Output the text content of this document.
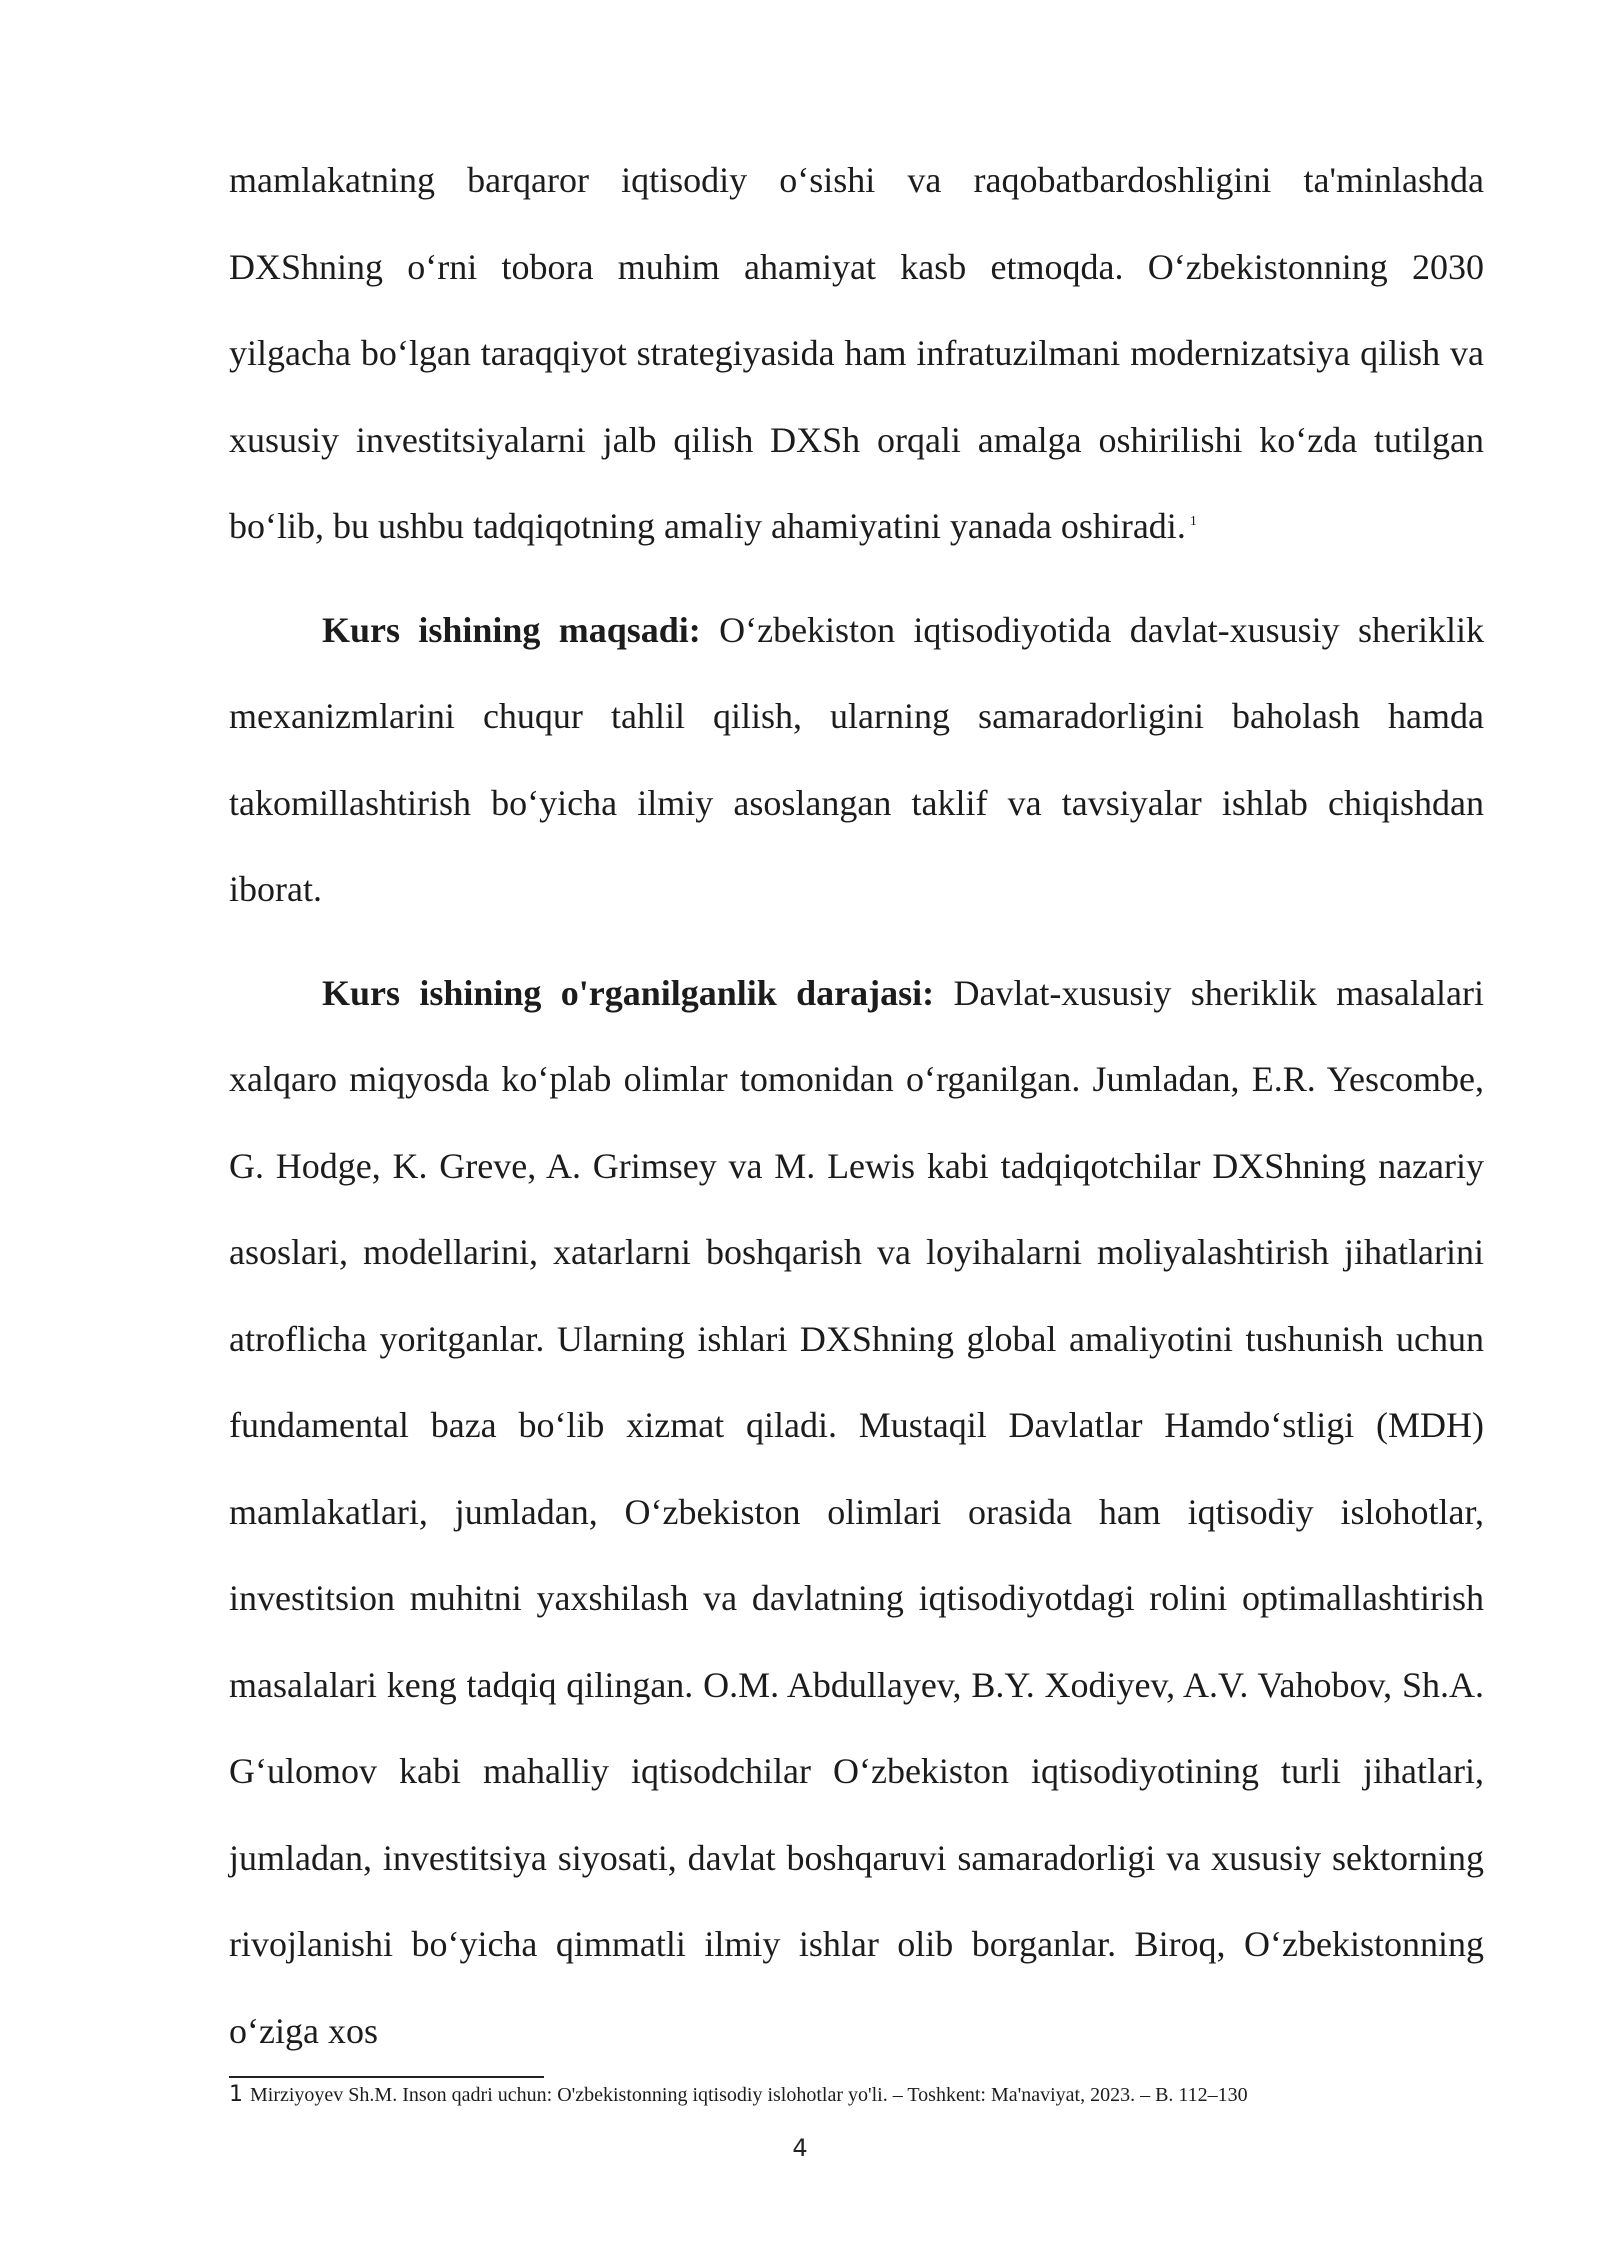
mamlakatning barqaror iqtisodiy o‘sishi va raqobatbardoshligini ta'minlashda DXShning o‘rni tobora muhim ahamiyat kasb etmoqda. O‘zbekistonning 2030 yilgacha bo‘lgan taraqqiyot strategiyasida ham infratuzilmani modernizatsiya qilish va xususiy investitsiyalarni jalb qilish DXSh orqali amalga oshirilishi ko‘zda tutilgan bo‘lib, bu ushbu tadqiqotning amaliy ahamiyatini yanada oshiradi. $^1$

Kurs ishining maqsadi: O‘zbekiston iqtisodiyotida davlat-xususiy sheriklik mexanizmlarini chuqur tahlil qilish, ularning samaradorligini baholash hamda takomillashtirish bo‘yicha ilmiy asoslangan taklif va tavsiyalar ishlab chiqishdan iborat.

Kurs ishining o'rganilganlik darajasi: Davlat-xususiy sheriklik masalalari xalqaro miqyosda ko‘plab olimlar tomonidan o‘rganilgan. Jumladan, E.R. Yescombe, G. Hodge, K. Greve, A. Grimsey va M. Lewis kabi tadqiqotchilar DXShning nazariy asoslari, modellarini, xatarlarni boshqarish va loyihalarni moliyalashtirish jihatlarini atroflicha yoritganlar. Ularning ishlari DXShning global amaliyotini tushunish uchun fundamental baza bo‘lib xizmat qiladi. Mustaqil Davlatlar Hamdo‘stligi (MDH) mamlakatlari, jumladan, O‘zbekiston olimlari orasida ham iqtisodiy islohotlar, investitsion muhitni yaxshilash va davlatning iqtisodiyotdagi rolini optimallashtirish masalalari keng tadqiq qilingan. O.M. Abdullayev, B.Y. Xodiyev, A.V. Vahobov, Sh.A. G‘ulomov kabi mahalliy iqtisodchilar O‘zbekiston iqtisodiyotining turli jihatlari, jumladan, investitsiya siyosati, davlat boshqaruvi samaradorligi va xususiy sektorning rivojlanishi bo‘yicha qimmatli ilmiy ishlar olib borganlar. Biroq, O‘zbekistonning o‘ziga xos

1 Mirziyoyev Sh.M. Inson qadri uchun: O'zbekistonning iqtisodiy islohotlar yo'li. – Toshkent: Ma'naviyat, 2023. – B. 112–130
4
